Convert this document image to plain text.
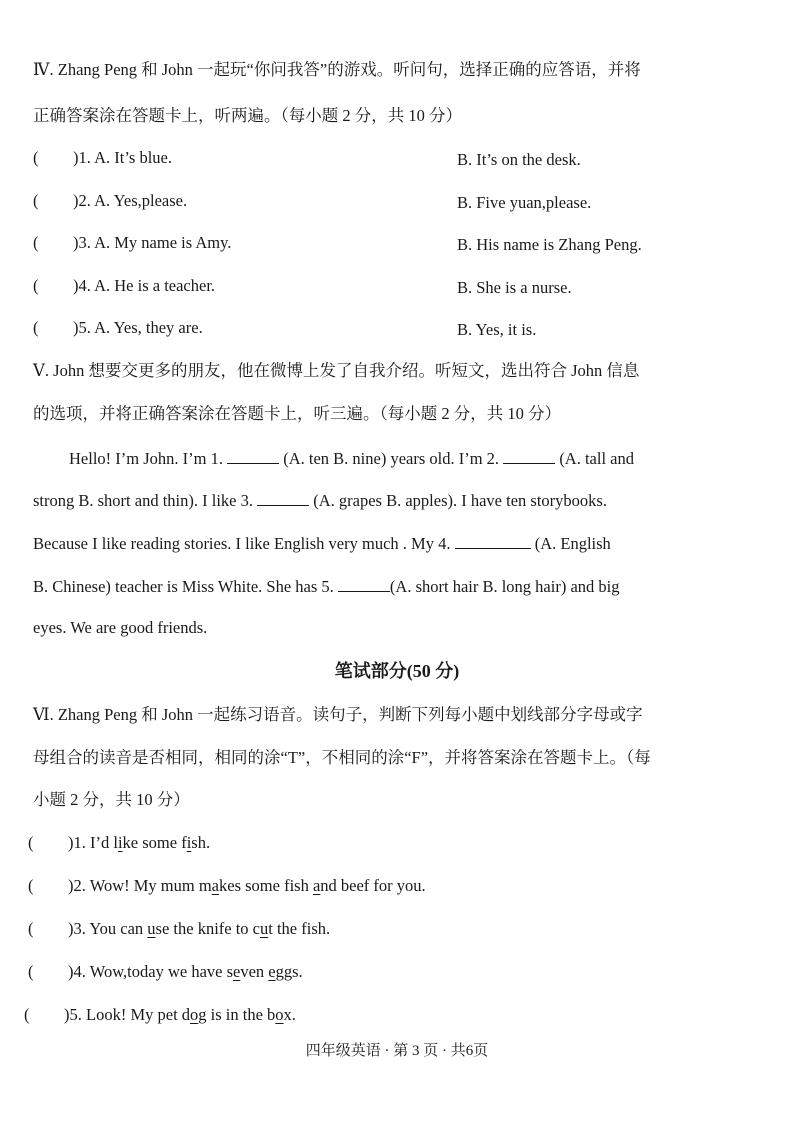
Ⅳ. Zhang Peng 和 John 一起玩“你问我答”的游戏。听问句，选择正确的应答语，并将
正确答案涂在答题卡上，听两遍。（每小题 2 分，共 10 分）
( )1. A. It’s blue.	B. It’s on the desk.
( )2. A. Yes,please.	B. Five yuan,please.
( )3. A. My name is Amy.	B. His name is Zhang Peng.
( )4. A. He is a teacher.	B. She is a nurse.
( )5. A. Yes, they are.	B. Yes, it is.
Ⅴ. John 想要交更多的朋友，他在微博上发了自我介绍。听短文，选出符合 John 信息
的选项，并将正确答案涂在答题卡上，听三遍。（每小题 2 分，共 10 分）
Hello! I’m John. I’m 1.	(A. ten B. nine) years old. I’m 2.	(A. tall and
strong B. short and thin). I like 3.	(A. grapes B. apples). I have ten storybooks.
Because I like reading stories. I like English very much . My 4.	(A. English
B. Chinese) teacher is Miss White. She has 5.	(A. short hair B. long hair) and big
eyes. We are good friends.
笔试部分(50 分)
Ⅵ. Zhang Peng 和 John 一起练习语音。读句子，判断下列每小题中划线部分字母或字
母组合的读音是否相同，相同的涂“T”，不相同的涂“F”，并将答案涂在答题卡上。（每
小题 2 分，共 10 分）
( )1. I’d like some fish.
( )2. Wow! My mum makes some fish and beef for you.
( )3. You can use the knife to cut the fish.
( )4. Wow,today we have seven eggs.
( )5. Look! My pet dog is in the box.
四年级英语 · 第 3 页 · 共6页
